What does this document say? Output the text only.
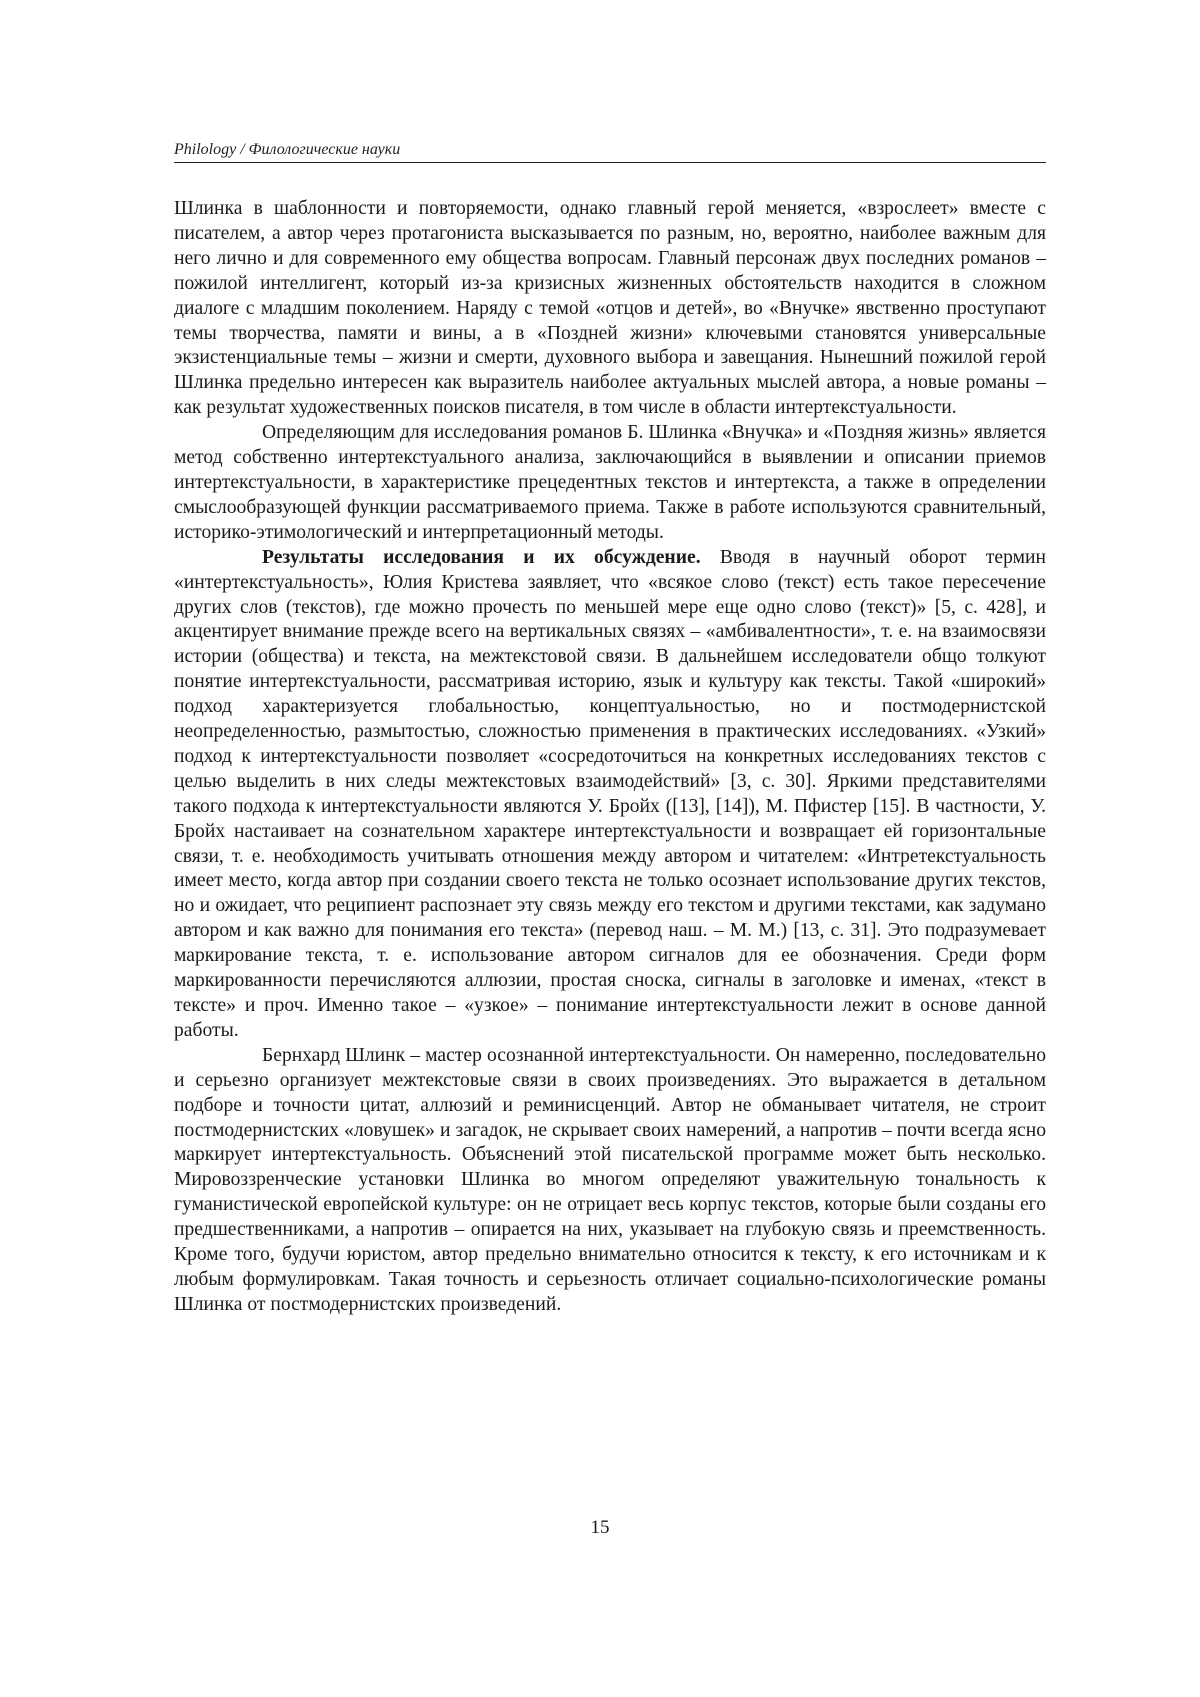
Philology / Филологические науки

Шлинка в шаблонности и повторяемости, однако главный герой меняется, «взрослеет» вместе с писателем, а автор через протагониста высказывается по разным, но, вероятно, наиболее важным для него лично и для современного ему общества вопросам. Главный персонаж двух последних романов – пожилой интеллигент, который из-за кризисных жизненных обстоятельств находится в сложном диалоге с младшим поколением. Наряду с темой «отцов и детей», во «Внучке» явственно проступают темы творчества, памяти и вины, а в «Поздней жизни» ключевыми становятся универсальные экзистенциальные темы – жизни и смерти, духовного выбора и завещания. Нынешний пожилой герой Шлинка предельно интересен как выразитель наиболее актуальных мыслей автора, а новые романы – как результат художественных поисков писателя, в том числе в области интертекстуальности.

Определяющим для исследования романов Б. Шлинка «Внучка» и «Поздняя жизнь» является метод собственно интертекстуального анализа, заключающийся в выявлении и описании приемов интертекстуальности, в характеристике прецедентных текстов и интертекста, а также в определении смыслообразующей функции рассматриваемого приема. Также в работе используются сравнительный, историко-этимологический и интерпретационный методы.

Результаты исследования и их обсуждение. Вводя в научный оборот термин «интертекстуальность», Юлия Кристева заявляет, что «всякое слово (текст) есть такое пересечение других слов (текстов), где можно прочесть по меньшей мере еще одно слово (текст)» [5, с. 428], и акцентирует внимание прежде всего на вертикальных связях – «амбивалентности», т. е. на взаимосвязи истории (общества) и текста, на межтекстовой связи. В дальнейшем исследователи общо толкуют понятие интертекстуальности, рассматривая историю, язык и культуру как тексты. Такой «широкий» подход характеризуется глобальностью, концептуальностью, но и постмодернистской неопределенностью, размытостью, сложностью применения в практических исследованиях. «Узкий» подход к интертекстуальности позволяет «сосредоточиться на конкретных исследованиях текстов с целью выделить в них следы межтекстовых взаимодействий» [3, с. 30]. Яркими представителями такого подхода к интертекстуальности являются У. Бройх ([13], [14]), М. Пфистер [15]. В частности, У. Бройх настаивает на сознательном характере интертекстуальности и возвращает ей горизонтальные связи, т. е. необходимость учитывать отношения между автором и читателем: «Интретекстуальность имеет место, когда автор при создании своего текста не только осознает использование других текстов, но и ожидает, что реципиент распознает эту связь между его текстом и другими текстами, как задумано автором и как важно для понимания его текста» (перевод наш. – М. М.) [13, с. 31]. Это подразумевает маркирование текста, т. е. использование автором сигналов для ее обозначения. Среди форм маркированности перечисляются аллюзии, простая сноска, сигналы в заголовке и именах, «текст в тексте» и проч. Именно такое – «узкое» – понимание интертекстуальности лежит в основе данной работы.

Бернхард Шлинк – мастер осознанной интертекстуальности. Он намеренно, последовательно и серьезно организует межтекстовые связи в своих произведениях. Это выражается в детальном подборе и точности цитат, аллюзий и реминисценций. Автор не обманывает читателя, не строит постмодернистских «ловушек» и загадок, не скрывает своих намерений, а напротив – почти всегда ясно маркирует интертекстуальность. Объяснений этой писательской программе может быть несколько. Мировоззренческие установки Шлинка во многом определяют уважительную тональность к гуманистической европейской культуре: он не отрицает весь корпус текстов, которые были созданы его предшественниками, а напротив – опирается на них, указывает на глубокую связь и преемственность. Кроме того, будучи юристом, автор предельно внимательно относится к тексту, к его источникам и к любым формулировкам. Такая точность и серьезность отличает социально-психологические романы Шлинка от постмодернистских произведений.

15
